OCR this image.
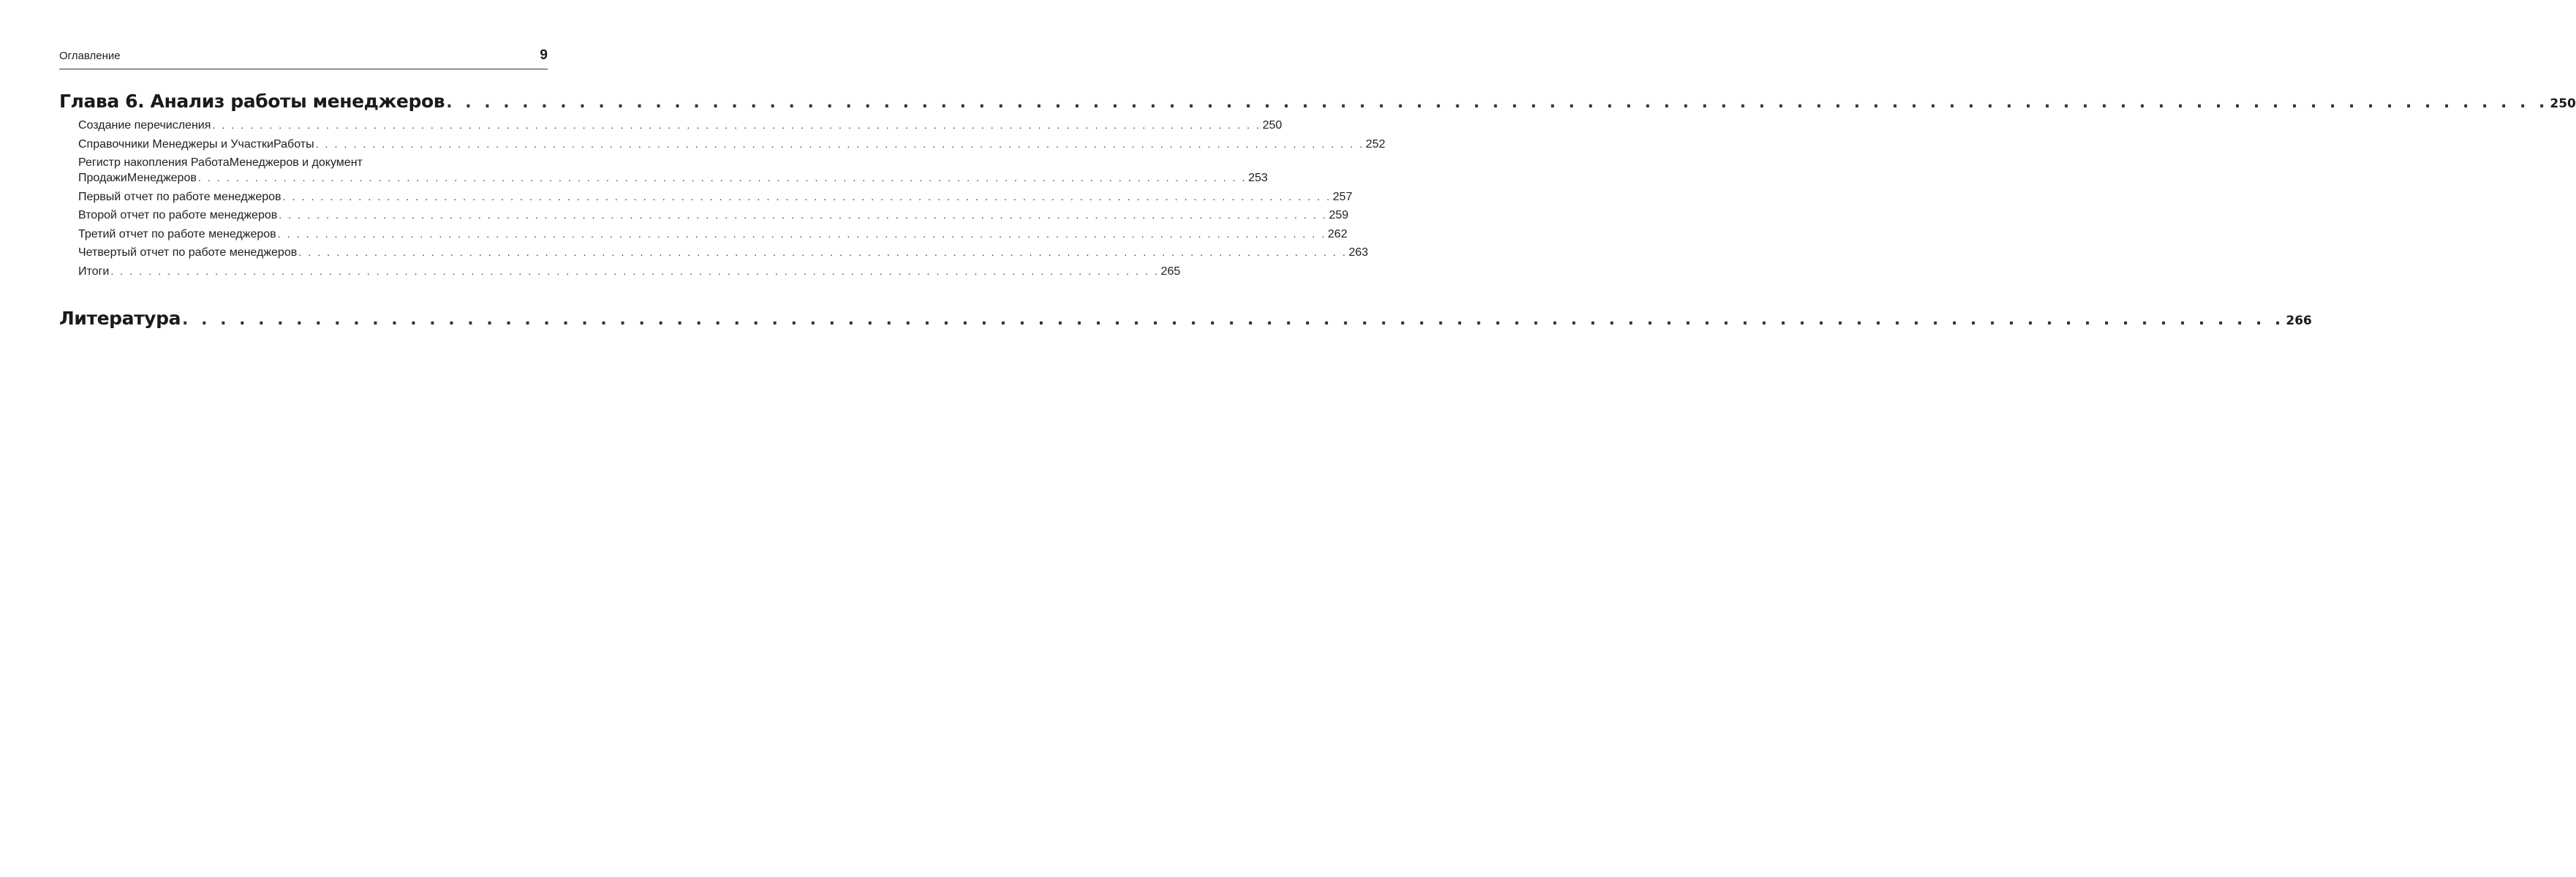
Оглавление	9
Глава 6. Анализ работы менеджеров . . . . . . . . . . . . . . . . . . . . . . . . . . . . . . . . . . . . . . . . . . . . . . . . . . . . . . . . . . . . . . . . . . . . . . . . . . . . . . . . . . . . . . . . . . . . . . . . . . . . . . . . . . . . . . . 250
Создание перечисления . . . . . . . . . . . . . . . . . . . . . . . . . . . . . . . . . . . . . . . . . . . . . . . . . . . . . . . . . . . . . . . . . . . . . . . . . . . . . . . . . . . . . . . . . . . . . . . . . . . . . . . . . . . . . . . 250
Справочники Менеджеры и УчасткиРаботы . . . . . . . . . . . . . . . . . . . . . . . . . . . . . . . . . . . . . . . . . . . . . . . . . . . . . . . . . . . . . . . . . . . . . . . . . . . . . . . . . . . . . . . . . . . . . . . . . . . . . . . . . . . . . . . 252
Регистр накопления РаботаМенеджеров и документ
ПродажиМенеджеров . . . . . . . . . . . . . . . . . . . . . . . . . . . . . . . . . . . . . . . . . . . . . . . . . . . . . . . . . . . . . . . . . . . . . . . . . . . . . . . . . . . . . . . . . . . . . . . . . . . . . . . . . . . . . . . 253
Первый отчет по работе менеджеров . . . . . . . . . . . . . . . . . . . . . . . . . . . . . . . . . . . . . . . . . . . . . . . . . . . . . . . . . . . . . . . . . . . . . . . . . . . . . . . . . . . . . . . . . . . . . . . . . . . . . . . . . . . . . . . 257
Второй отчет по работе менеджеров . . . . . . . . . . . . . . . . . . . . . . . . . . . . . . . . . . . . . . . . . . . . . . . . . . . . . . . . . . . . . . . . . . . . . . . . . . . . . . . . . . . . . . . . . . . . . . . . . . . . . . . . . . . . . . . 259
Третий отчет по работе менеджеров . . . . . . . . . . . . . . . . . . . . . . . . . . . . . . . . . . . . . . . . . . . . . . . . . . . . . . . . . . . . . . . . . . . . . . . . . . . . . . . . . . . . . . . . . . . . . . . . . . . . . . . . . . . . . . . 262
Четвертый отчет по работе менеджеров . . . . . . . . . . . . . . . . . . . . . . . . . . . . . . . . . . . . . . . . . . . . . . . . . . . . . . . . . . . . . . . . . . . . . . . . . . . . . . . . . . . . . . . . . . . . . . . . . . . . . . . . . . . . . . . 263
Итоги . . . . . . . . . . . . . . . . . . . . . . . . . . . . . . . . . . . . . . . . . . . . . . . . . . . . . . . . . . . . . . . . . . . . . . . . . . . . . . . . . . . . . . . . . . . . . . . . . . . . . . . . . . . . . . . 265
Литература . . . . . . . . . . . . . . . . . . . . . . . . . . . . . . . . . . . . . . . . . . . . . . . . . . . . . . . . . . . . . . . . . . . . . . . . . . . . . . . . . . . . . . . . . . . . . . . . . . . . . . . . . . . . . . . 266
